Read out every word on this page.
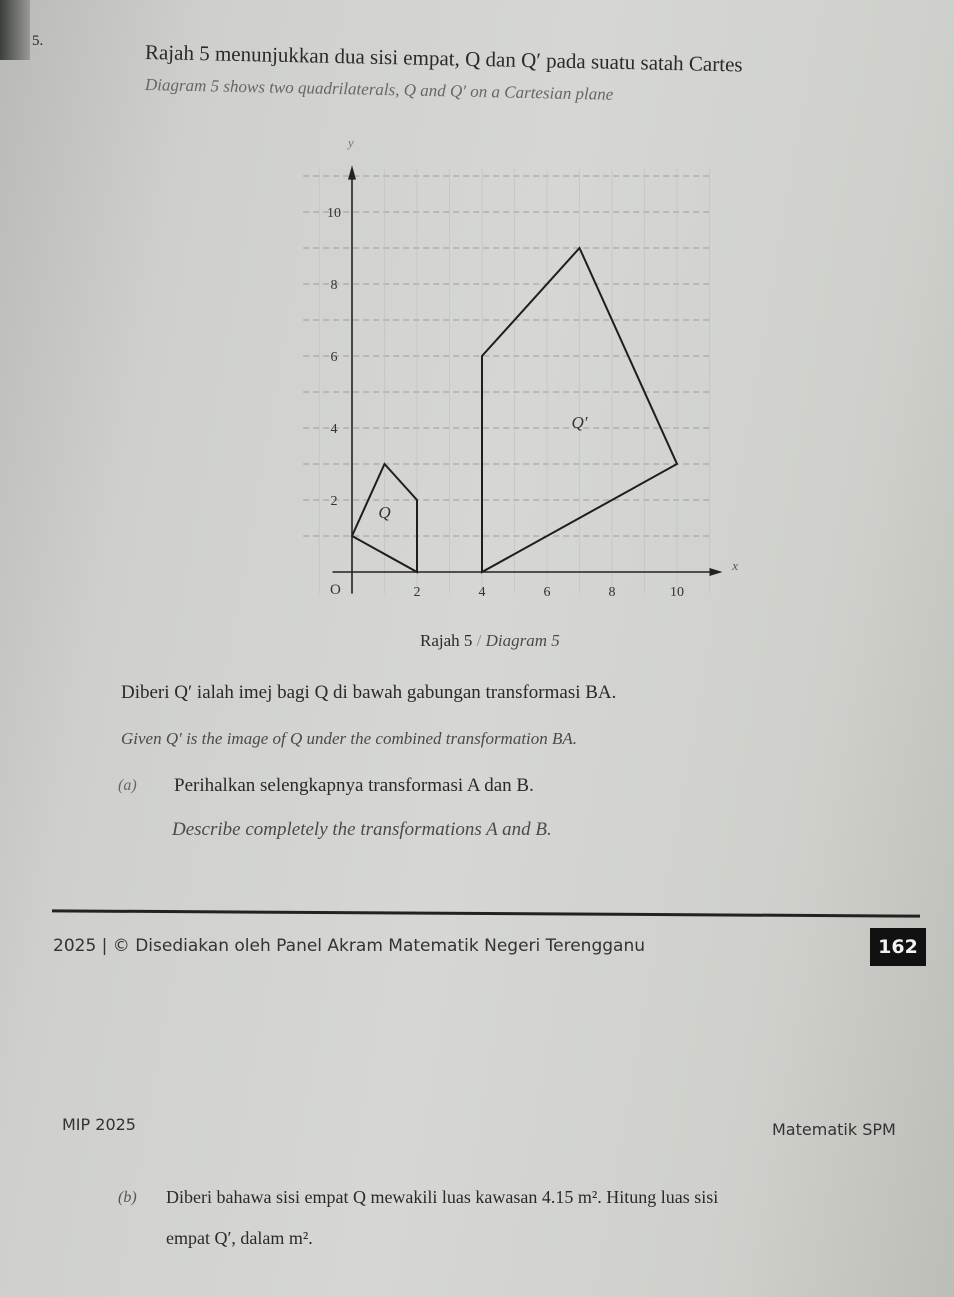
5.	Rajah 5 menunjukkan dua sisi empat, Q dan Q′ pada suatu satah Cartes
Diagram 5 shows two quadrilaterals, Q and Q′ on a Cartesian plane
x
y
O	2	4	6	8	10
2
4
6
8
10
Q
Q′
Rajah 5 / Diagram 5
Diberi Q′ ialah imej bagi Q di bawah gabungan transformasi BA.
Given Q′ is the image of Q under the combined transformation BA.
(a) Perihalkan selengkapnya transformasi A dan B.
Describe completely the transformations A and B.
2025 | © Disediakan oleh Panel Akram Matematik Negeri Terengganu	162
MIP 2025	Matematik SPM
(b) Diberi bahawa sisi empat Q mewakili luas kawasan 4.15 m². Hitung luas sisi
empat Q′, dalam m².
